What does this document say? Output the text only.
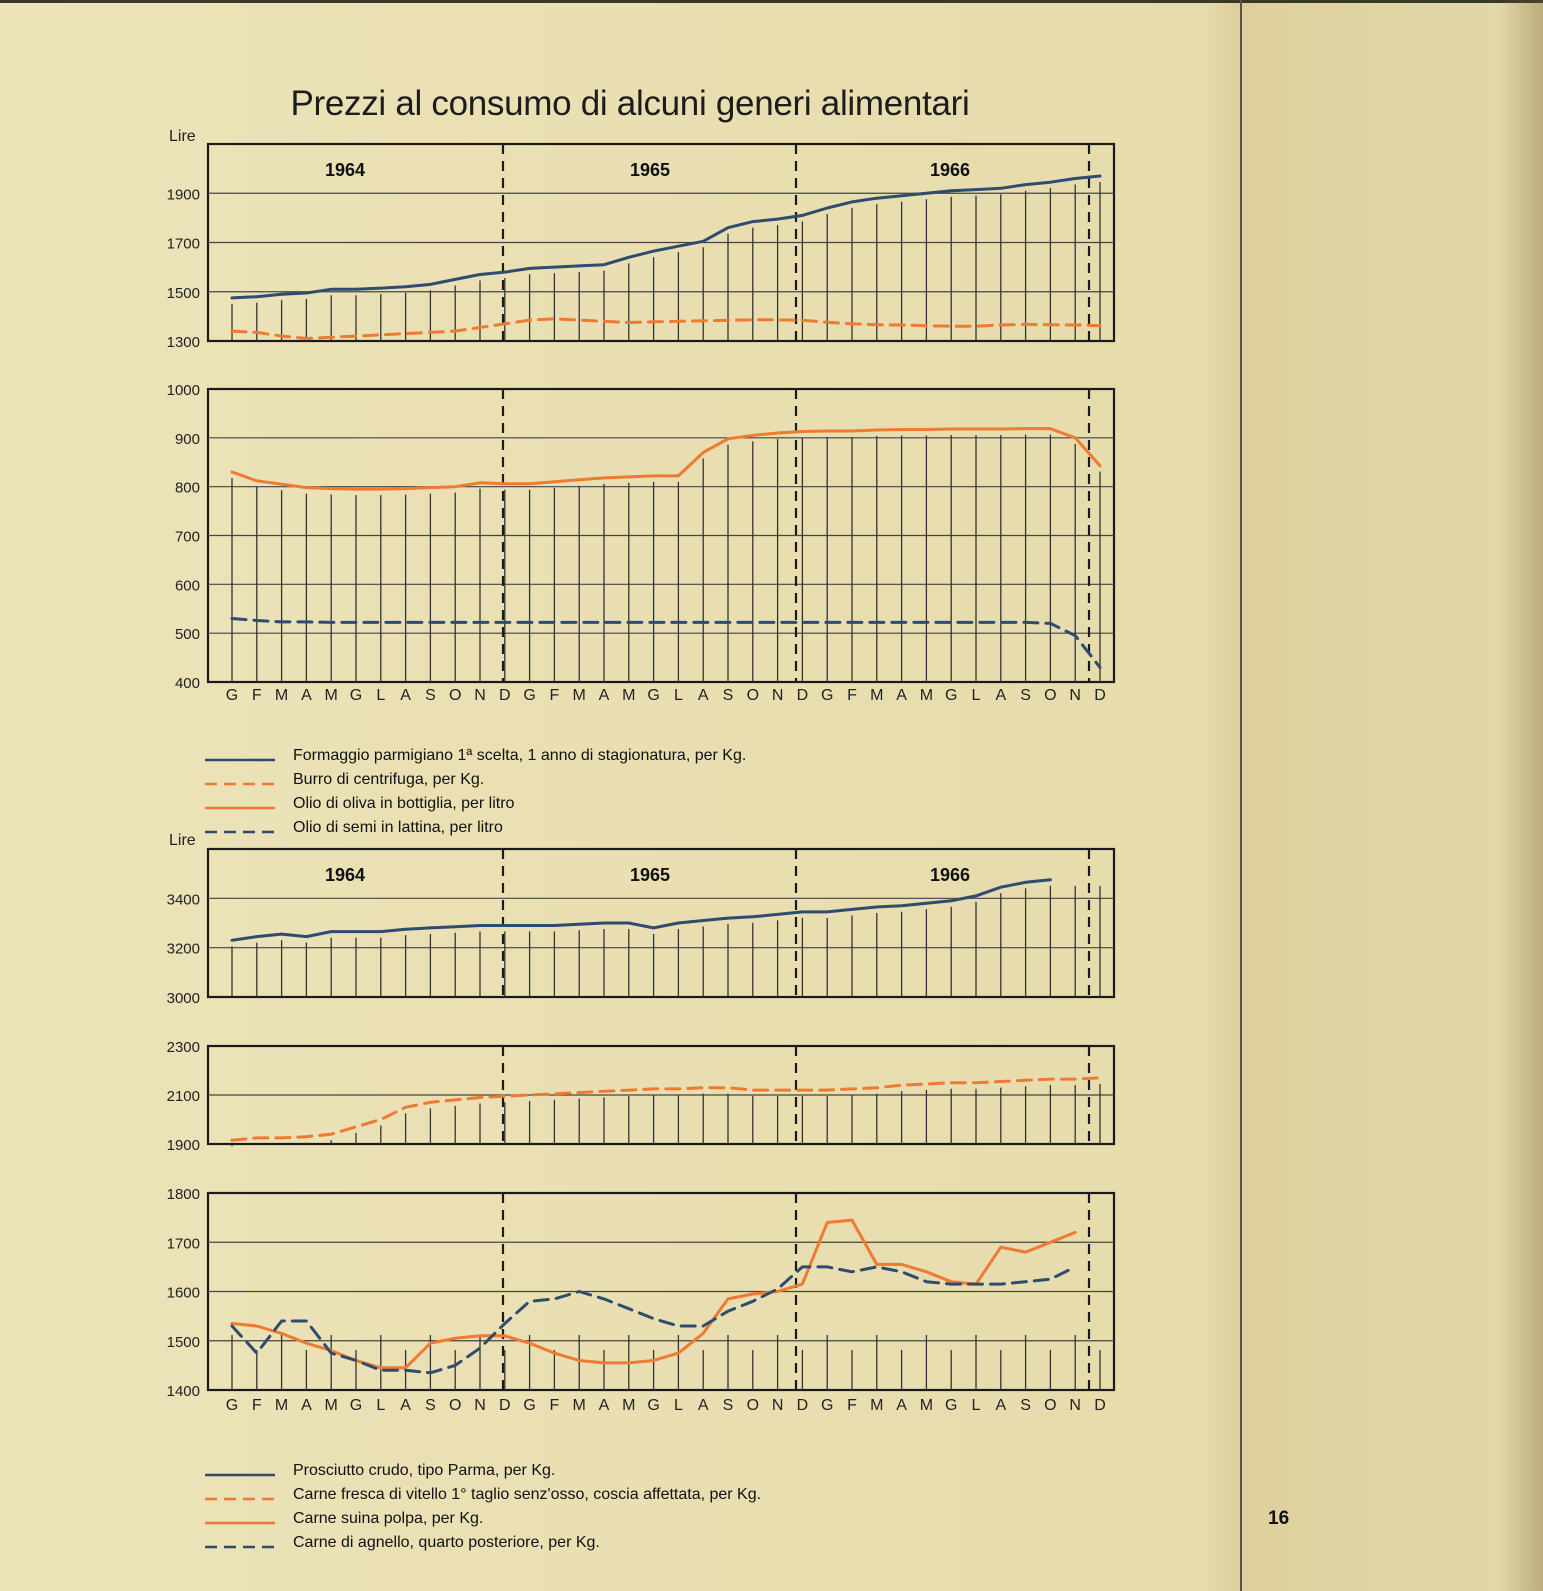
Prezzi al consumo di alcuni generi alimentari
Lire
Lire
1300
1500
1700
1900
1964	1965	1966
400
500
600
700
800
900
1000
3000
3200
3400
1964	1965	1966
1900
2100
2300
1400
1500
1600
1700
1800
G F M A M G L A S O N D G F M A M G L A S O N D G F M A M G L A S O N D
G F M A M G L A S O N D G F M A M G L A S O N D G F M A M G L A S O N D
Formaggio parmigiano 1ª scelta, 1 anno di stagionatura, per Kg.
Burro di centrifuga, per Kg.
Olio di oliva in bottiglia, per litro
Olio di semi in lattina, per litro
Prosciutto crudo, tipo Parma, per Kg.
Carne fresca di vitello 1° taglio senz'osso, coscia affettata, per Kg.
Carne suina polpa, per Kg.
Carne di agnello, quarto posteriore, per Kg.
16
